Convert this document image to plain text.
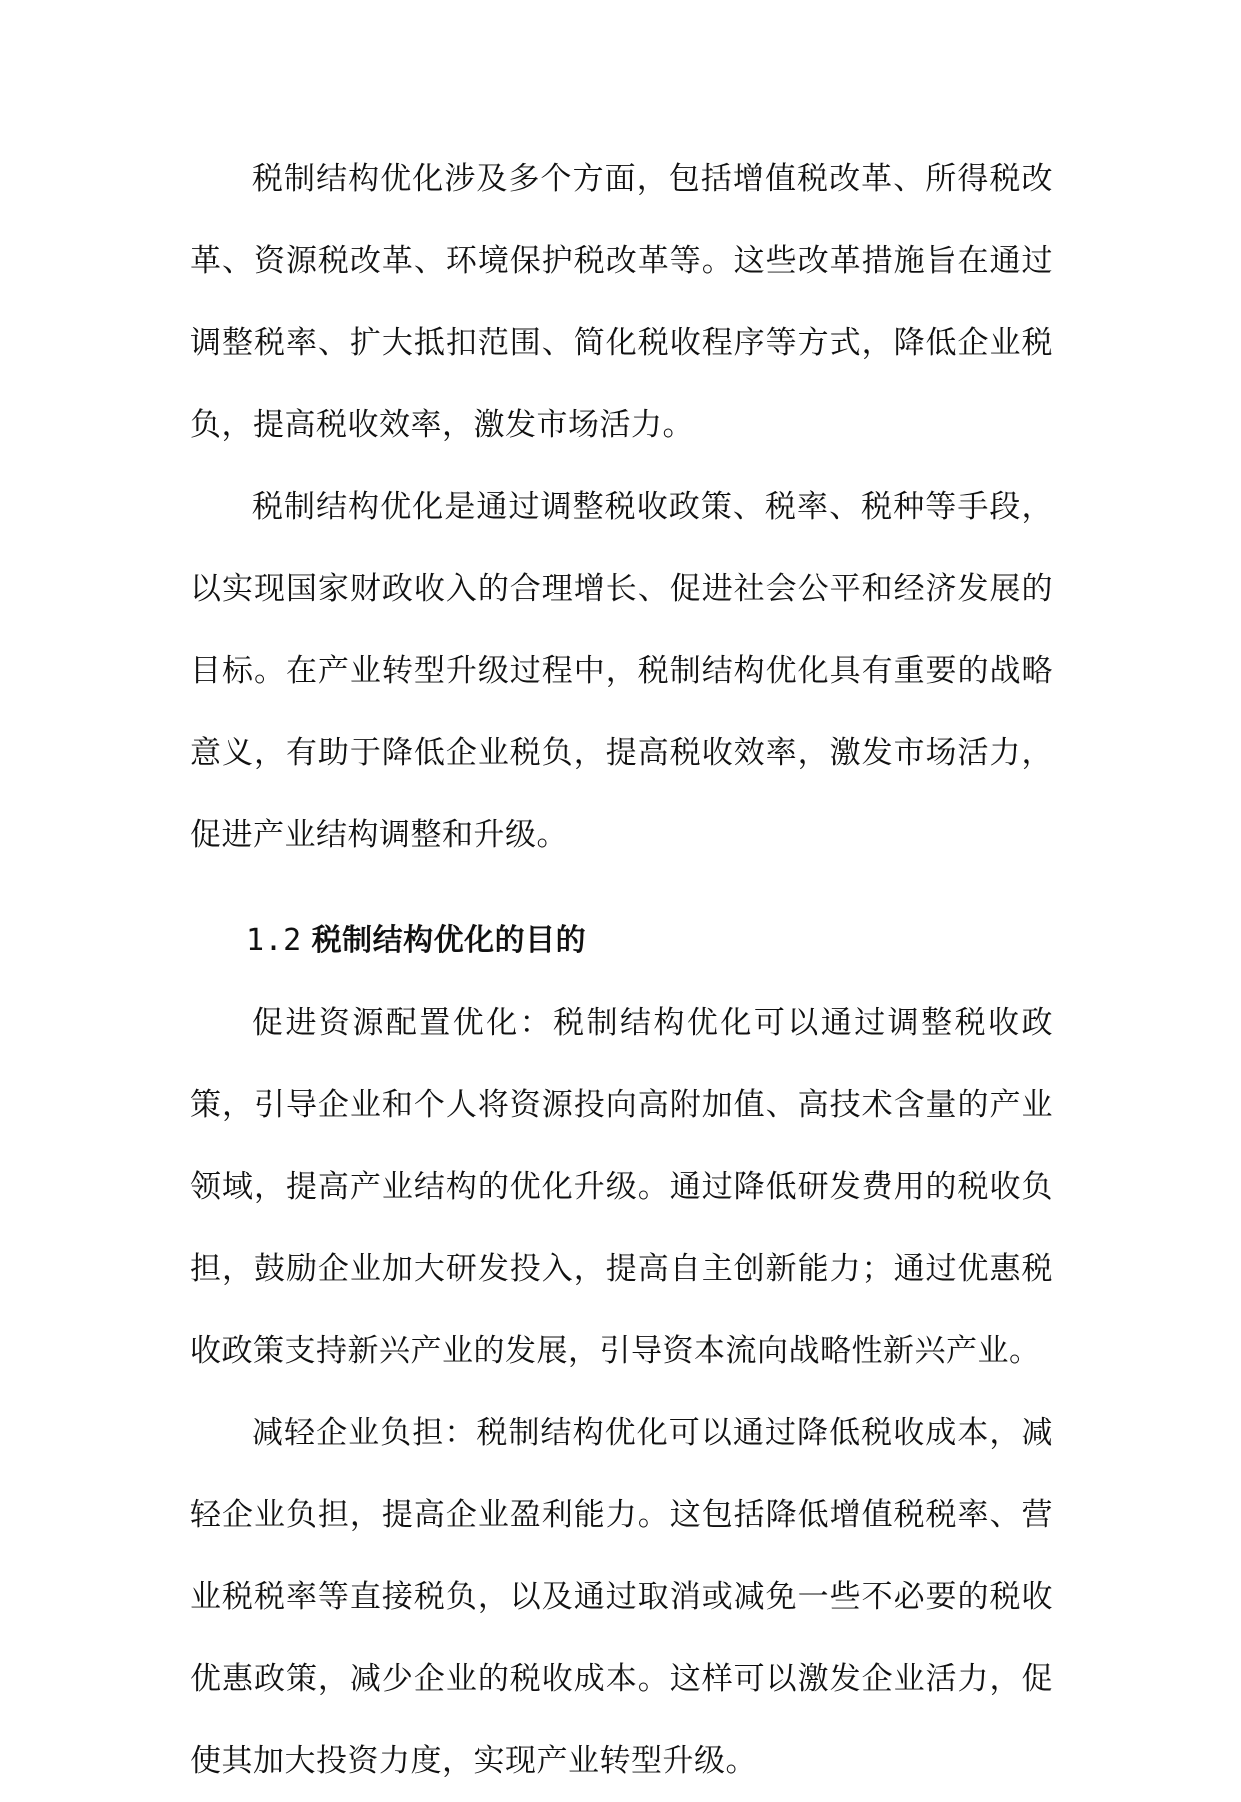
税制结构优化涉及多个方面，包括增值税改革、所得税改革、资源税改革、环境保护税改革等。这些改革措施旨在通过调整税率、扩大抵扣范围、简化税收程序等方式，降低企业税负，提高税收效率，激发市场活力。

税制结构优化是通过调整税收政策、税率、税种等手段，以实现国家财政收入的合理增长、促进社会公平和经济发展的目标。在产业转型升级过程中，税制结构优化具有重要的战略意义，有助于降低企业税负，提高税收效率，激发市场活力，促进产业结构调整和升级。

1.2 税制结构优化的目的

促进资源配置优化：税制结构优化可以通过调整税收政策，引导企业和个人将资源投向高附加值、高技术含量的产业领域，提高产业结构的优化升级。通过降低研发费用的税收负担，鼓励企业加大研发投入，提高自主创新能力；通过优惠税收政策支持新兴产业的发展，引导资本流向战略性新兴产业。

减轻企业负担：税制结构优化可以通过降低税收成本，减轻企业负担，提高企业盈利能力。这包括降低增值税税率、营业税税率等直接税负，以及通过取消或减免一些不必要的税收优惠政策，减少企业的税收成本。这样可以激发企业活力，促使其加大投资力度，实现产业转型升级。
